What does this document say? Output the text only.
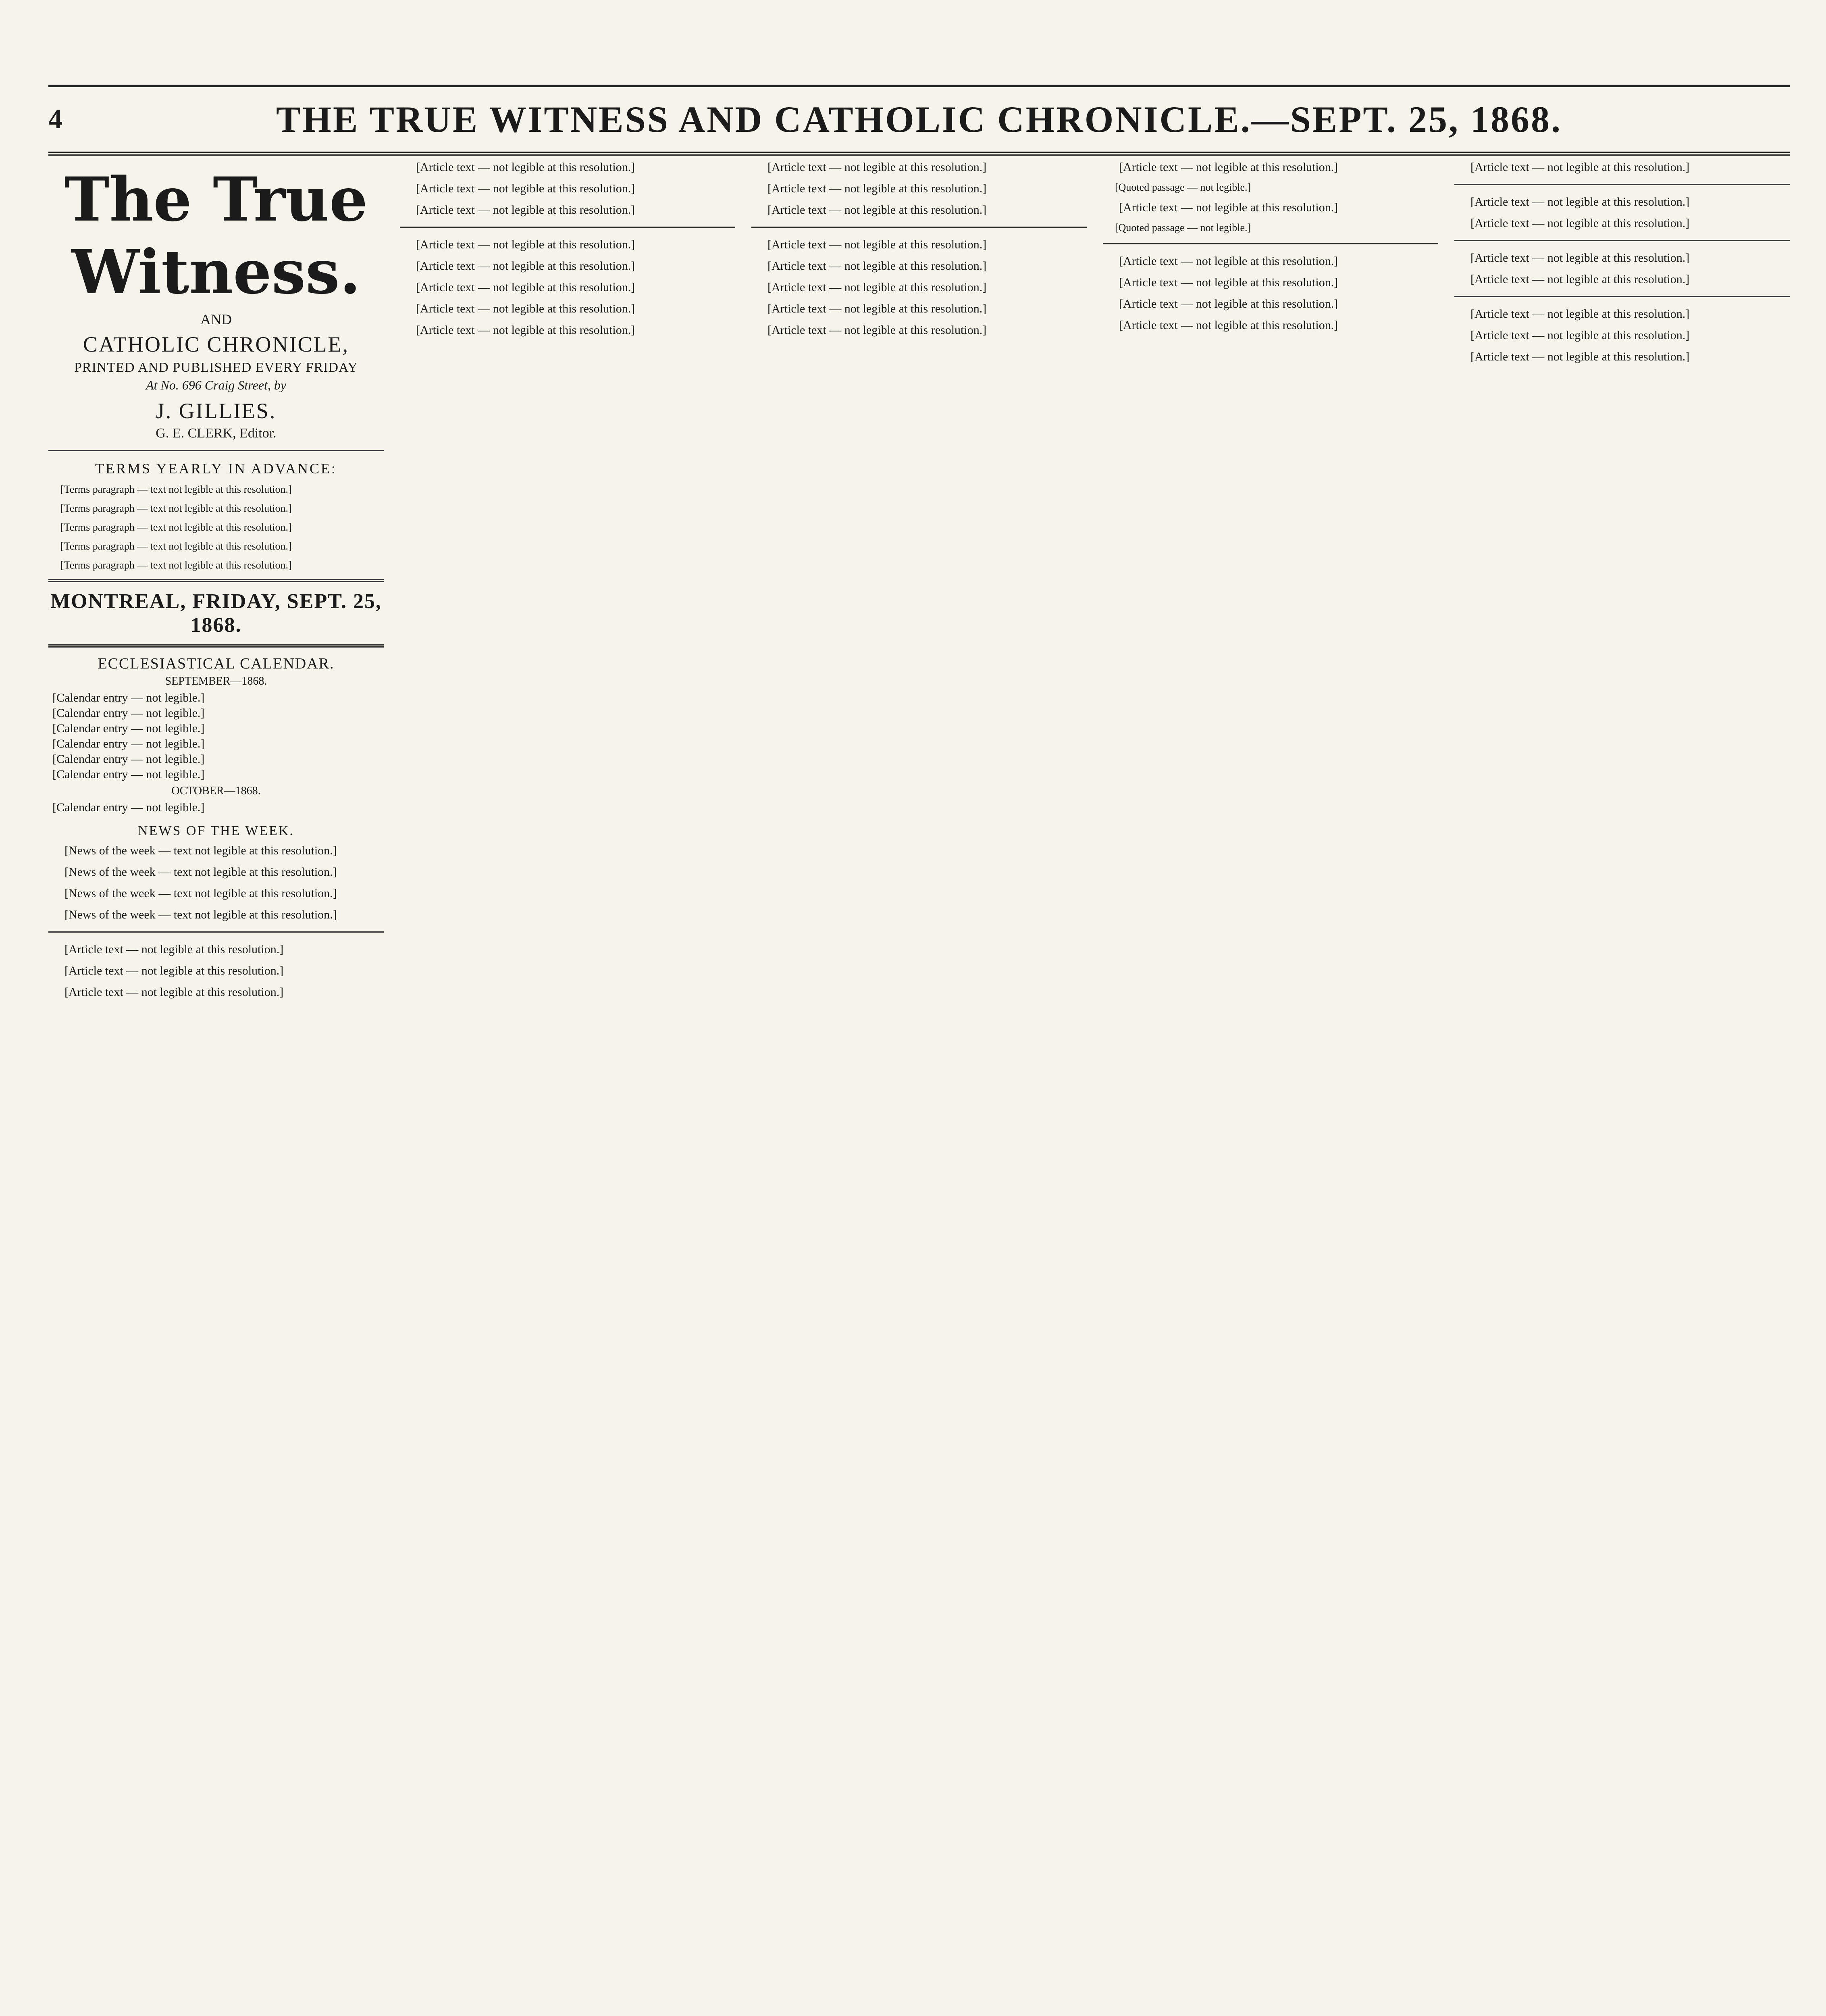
4	THE TRUE WITNESS AND CATHOLIC CHRONICLE.—SEPT. 25, 1868.
The True Witness.
AND
CATHOLIC CHRONICLE,
PRINTED AND PUBLISHED EVERY FRIDAY
At No. 696 Craig Street, by
J. GILLIES.
G. E. CLERK, Editor.
TERMS YEARLY IN ADVANCE:

[Terms paragraph — text not legible at this resolution.]

[Terms paragraph — text not legible at this resolution.]

[Terms paragraph — text not legible at this resolution.]

[Terms paragraph — text not legible at this resolution.]

[Terms paragraph — text not legible at this resolution.]

MONTREAL, FRIDAY, SEPT. 25, 1868.
ECCLESIASTICAL CALENDAR.
SEPTEMBER—1868.

[Calendar entry — not legible.]

[Calendar entry — not legible.]

[Calendar entry — not legible.]

[Calendar entry — not legible.]

[Calendar entry — not legible.]

[Calendar entry — not legible.]

OCTOBER—1868.

[Calendar entry — not legible.]

NEWS OF THE WEEK.

[News of the week — text not legible at this resolution.]

[News of the week — text not legible at this resolution.]

[News of the week — text not legible at this resolution.]

[News of the week — text not legible at this resolution.]

[Article text — not legible at this resolution.]

[Article text — not legible at this resolution.]

[Article text — not legible at this resolution.]

[Article text — not legible at this resolution.]

[Article text — not legible at this resolution.]

[Article text — not legible at this resolution.]

[Article text — not legible at this resolution.]

[Article text — not legible at this resolution.]

[Article text — not legible at this resolution.]

[Article text — not legible at this resolution.]

[Article text — not legible at this resolution.]

[Article text — not legible at this resolution.]

[Article text — not legible at this resolution.]

[Article text — not legible at this resolution.]

[Article text — not legible at this resolution.]

[Article text — not legible at this resolution.]

[Article text — not legible at this resolution.]

[Article text — not legible at this resolution.]

[Article text — not legible at this resolution.]

[Article text — not legible at this resolution.]

[Quoted passage — not legible.]

[Article text — not legible at this resolution.]

[Quoted passage — not legible.]

[Article text — not legible at this resolution.]

[Article text — not legible at this resolution.]

[Article text — not legible at this resolution.]

[Article text — not legible at this resolution.]

[Article text — not legible at this resolution.]

[Article text — not legible at this resolution.]

[Article text — not legible at this resolution.]

[Article text — not legible at this resolution.]

[Article text — not legible at this resolution.]

[Article text — not legible at this resolution.]

[Article text — not legible at this resolution.]

[Article text — not legible at this resolution.]
